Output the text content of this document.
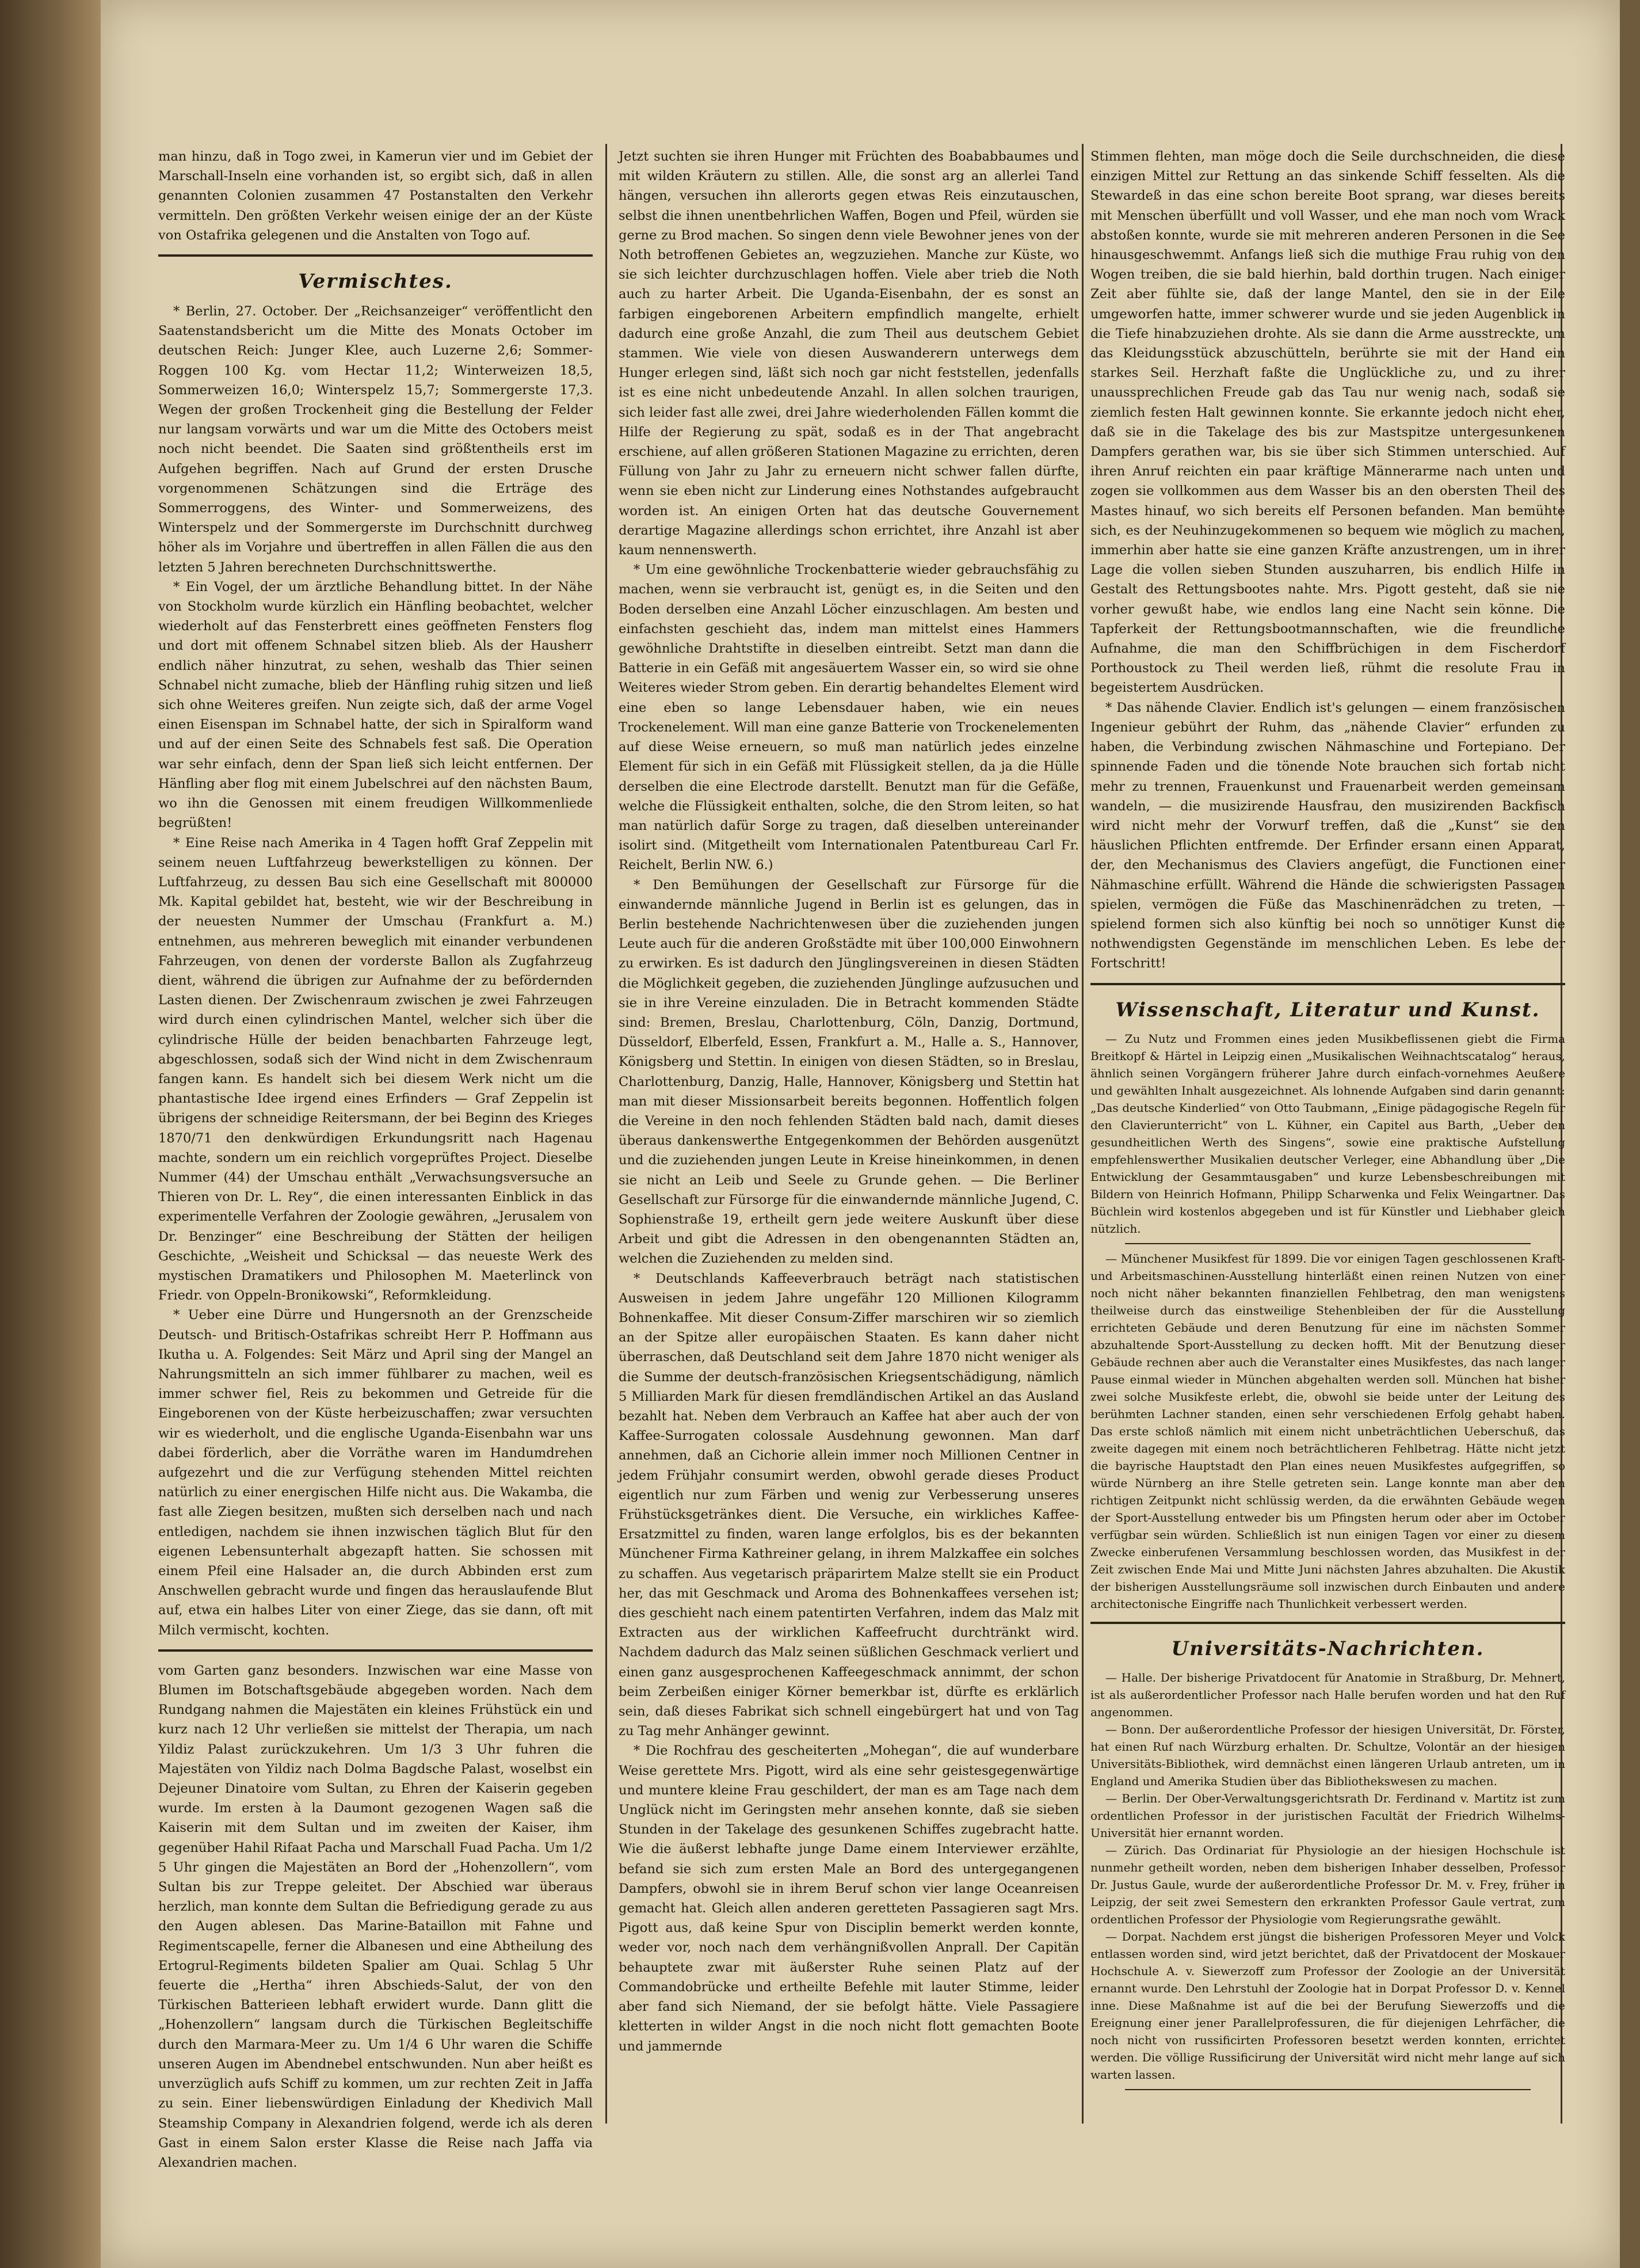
man hinzu, daß in Togo zwei, in Kamerun vier und im Gebiet der Marschall-Inseln eine vorhanden ist, so ergibt sich, daß in allen genannten Colonien zusammen 47 Postanstalten den Verkehr vermitteln. Den größten Verkehr weisen einige der an der Küste von Ostafrika gelegenen und die Anstalten von Togo auf.

Vermischtes.

* Berlin, 27. October. Der „Reichsanzeiger“ veröffentlicht den Saatenstandsbericht um die Mitte des Monats October im deutschen Reich: Junger Klee, auch Luzerne 2,6; Sommer-Roggen 100 Kg. vom Hectar 11,2; Winterweizen 18,5, Sommerweizen 16,0; Winterspelz 15,7; Sommergerste 17,3. Wegen der großen Trockenheit ging die Bestellung der Felder nur langsam vorwärts und war um die Mitte des Octobers meist noch nicht beendet. Die Saaten sind größtentheils erst im Aufgehen begriffen. Nach auf Grund der ersten Drusche vorgenommenen Schätzungen sind die Erträge des Sommerroggens, des Winter- und Sommerweizens, des Winterspelz und der Sommergerste im Durchschnitt durchweg höher als im Vorjahre und übertreffen in allen Fällen die aus den letzten 5 Jahren berechneten Durchschnittswerthe.

* Ein Vogel, der um ärztliche Behandlung bittet. In der Nähe von Stockholm wurde kürzlich ein Hänfling beobachtet, welcher wiederholt auf das Fensterbrett eines geöffneten Fensters flog und dort mit offenem Schnabel sitzen blieb. Als der Hausherr endlich näher hinzutrat, zu sehen, weshalb das Thier seinen Schnabel nicht zumache, blieb der Hänfling ruhig sitzen und ließ sich ohne Weiteres greifen. Nun zeigte sich, daß der arme Vogel einen Eisenspan im Schnabel hatte, der sich in Spiralform wand und auf der einen Seite des Schnabels fest saß. Die Operation war sehr einfach, denn der Span ließ sich leicht entfernen. Der Hänfling aber flog mit einem Jubelschrei auf den nächsten Baum, wo ihn die Genossen mit einem freudigen Willkommenliede begrüßten!

* Eine Reise nach Amerika in 4 Tagen hofft Graf Zeppelin mit seinem neuen Luftfahrzeug bewerkstelligen zu können. Der Luftfahrzeug, zu dessen Bau sich eine Gesellschaft mit 800000 Mk. Kapital gebildet hat, besteht, wie wir der Beschreibung in der neuesten Nummer der Umschau (Frankfurt a. M.) entnehmen, aus mehreren beweglich mit einander verbundenen Fahrzeugen, von denen der vorderste Ballon als Zugfahrzeug dient, während die übrigen zur Aufnahme der zu befördernden Lasten dienen. Der Zwischenraum zwischen je zwei Fahrzeugen wird durch einen cylindrischen Mantel, welcher sich über die cylindrische Hülle der beiden benachbarten Fahrzeuge legt, abgeschlossen, sodaß sich der Wind nicht in dem Zwischenraum fangen kann. Es handelt sich bei diesem Werk nicht um die phantastische Idee irgend eines Erfinders — Graf Zeppelin ist übrigens der schneidige Reitersmann, der bei Beginn des Krieges 1870/71 den denkwürdigen Erkundungsritt nach Hagenau machte, sondern um ein reichlich vorgeprüftes Project. Dieselbe Nummer (44) der Umschau enthält „Verwachsungsversuche an Thieren von Dr. L. Rey“, die einen interessanten Einblick in das experimentelle Verfahren der Zoologie gewähren, „Jerusalem von Dr. Benzinger“ eine Beschreibung der Stätten der heiligen Geschichte, „Weisheit und Schicksal — das neueste Werk des mystischen Dramatikers und Philosophen M. Maeterlinck von Friedr. von Oppeln-Bronikowski“, Reformkleidung.

* Ueber eine Dürre und Hungersnoth an der Grenzscheide Deutsch- und Britisch-Ostafrikas schreibt Herr P. Hoffmann aus Ikutha u. A. Folgendes: Seit März und April sing der Mangel an Nahrungsmitteln an sich immer fühlbarer zu machen, weil es immer schwer fiel, Reis zu bekommen und Getreide für die Eingeborenen von der Küste herbeizuschaffen; zwar versuchten wir es wiederholt, und die englische Uganda-Eisenbahn war uns dabei förderlich, aber die Vorräthe waren im Handumdrehen aufgezehrt und die zur Verfügung stehenden Mittel reichten natürlich zu einer energischen Hilfe nicht aus. Die Wakamba, die fast alle Ziegen besitzen, mußten sich derselben nach und nach entledigen, nachdem sie ihnen inzwischen täglich Blut für den eigenen Lebensunterhalt abgezapft hatten. Sie schossen mit einem Pfeil eine Halsader an, die durch Abbinden erst zum Anschwellen gebracht wurde und fingen das herauslaufende Blut auf, etwa ein halbes Liter von einer Ziege, das sie dann, oft mit Milch vermischt, kochten.

vom Garten ganz besonders. Inzwischen war eine Masse von Blumen im Botschaftsgebäude abgegeben worden. Nach dem Rundgang nahmen die Majestäten ein kleines Frühstück ein und kurz nach 12 Uhr verließen sie mittelst der Therapia, um nach Yildiz Palast zurückzukehren. Um 1/3 3 Uhr fuhren die Majestäten von Yildiz nach Dolma Bagdsche Palast, woselbst ein Dejeuner Dinatoire vom Sultan, zu Ehren der Kaiserin gegeben wurde. Im ersten à la Daumont gezogenen Wagen saß die Kaiserin mit dem Sultan und im zweiten der Kaiser, ihm gegenüber Hahil Rifaat Pacha und Marschall Fuad Pacha. Um 1/2 5 Uhr gingen die Majestäten an Bord der „Hohenzollern“, vom Sultan bis zur Treppe geleitet. Der Abschied war überaus herzlich, man konnte dem Sultan die Befriedigung gerade zu aus den Augen ablesen. Das Marine-Bataillon mit Fahne und Regimentscapelle, ferner die Albanesen und eine Abtheilung des Ertogrul-Regiments bildeten Spalier am Quai. Schlag 5 Uhr feuerte die „Hertha“ ihren Abschieds-Salut, der von den Türkischen Batterieen lebhaft erwidert wurde. Dann glitt die „Hohenzollern“ langsam durch die Türkischen Begleitschiffe durch den Marmara-Meer zu. Um 1/4 6 Uhr waren die Schiffe unseren Augen im Abendnebel entschwunden. Nun aber heißt es unverzüglich aufs Schiff zu kommen, um zur rechten Zeit in Jaffa zu sein. Einer liebenswürdigen Einladung der Khedivich Mall Steamship Company in Alexandrien folgend, werde ich als deren Gast in einem Salon erster Klasse die Reise nach Jaffa via Alexandrien machen.

Jetzt suchten sie ihren Hunger mit Früchten des Boababbaumes und mit wilden Kräutern zu stillen. Alle, die sonst arg an allerlei Tand hängen, versuchen ihn allerorts gegen etwas Reis einzutauschen, selbst die ihnen unentbehrlichen Waffen, Bogen und Pfeil, würden sie gerne zu Brod machen. So singen denn viele Bewohner jenes von der Noth betroffenen Gebietes an, wegzuziehen. Manche zur Küste, wo sie sich leichter durchzuschlagen hoffen. Viele aber trieb die Noth auch zu harter Arbeit. Die Uganda-Eisenbahn, der es sonst an farbigen eingeborenen Arbeitern empfindlich mangelte, erhielt dadurch eine große Anzahl, die zum Theil aus deutschem Gebiet stammen. Wie viele von diesen Auswanderern unterwegs dem Hunger erlegen sind, läßt sich noch gar nicht feststellen, jedenfalls ist es eine nicht unbedeutende Anzahl. In allen solchen traurigen, sich leider fast alle zwei, drei Jahre wiederholenden Fällen kommt die Hilfe der Regierung zu spät, sodaß es in der That angebracht erschiene, auf allen größeren Stationen Magazine zu errichten, deren Füllung von Jahr zu Jahr zu erneuern nicht schwer fallen dürfte, wenn sie eben nicht zur Linderung eines Nothstandes aufgebraucht worden ist. An einigen Orten hat das deutsche Gouvernement derartige Magazine allerdings schon errichtet, ihre Anzahl ist aber kaum nennenswerth.

* Um eine gewöhnliche Trockenbatterie wieder gebrauchsfähig zu machen, wenn sie verbraucht ist, genügt es, in die Seiten und den Boden derselben eine Anzahl Löcher einzuschlagen. Am besten und einfachsten geschieht das, indem man mittelst eines Hammers gewöhnliche Drahtstifte in dieselben eintreibt. Setzt man dann die Batterie in ein Gefäß mit angesäuertem Wasser ein, so wird sie ohne Weiteres wieder Strom geben. Ein derartig behandeltes Element wird eine eben so lange Lebensdauer haben, wie ein neues Trockenelement. Will man eine ganze Batterie von Trockenelementen auf diese Weise erneuern, so muß man natürlich jedes einzelne Element für sich in ein Gefäß mit Flüssigkeit stellen, da ja die Hülle derselben die eine Electrode darstellt. Benutzt man für die Gefäße, welche die Flüssigkeit enthalten, solche, die den Strom leiten, so hat man natürlich dafür Sorge zu tragen, daß dieselben untereinander isolirt sind. (Mitgetheilt vom Internationalen Patentbureau Carl Fr. Reichelt, Berlin NW. 6.)

* Den Bemühungen der Gesellschaft zur Fürsorge für die einwandernde männliche Jugend in Berlin ist es gelungen, das in Berlin bestehende Nachrichtenwesen über die zuziehenden jungen Leute auch für die anderen Großstädte mit über 100,000 Einwohnern zu erwirken. Es ist dadurch den Jünglingsvereinen in diesen Städten die Möglichkeit gegeben, die zuziehenden Jünglinge aufzusuchen und sie in ihre Vereine einzuladen. Die in Betracht kommenden Städte sind: Bremen, Breslau, Charlottenburg, Cöln, Danzig, Dortmund, Düsseldorf, Elberfeld, Essen, Frankfurt a. M., Halle a. S., Hannover, Königsberg und Stettin. In einigen von diesen Städten, so in Breslau, Charlottenburg, Danzig, Halle, Hannover, Königsberg und Stettin hat man mit dieser Missionsarbeit bereits begonnen. Hoffentlich folgen die Vereine in den noch fehlenden Städten bald nach, damit dieses überaus dankenswerthe Entgegenkommen der Behörden ausgenützt und die zuziehenden jungen Leute in Kreise hineinkommen, in denen sie nicht an Leib und Seele zu Grunde gehen. — Die Berliner Gesellschaft zur Fürsorge für die einwandernde männliche Jugend, C. Sophienstraße 19, ertheilt gern jede weitere Auskunft über diese Arbeit und gibt die Adressen in den obengenannten Städten an, welchen die Zuziehenden zu melden sind.

* Deutschlands Kaffeeverbrauch beträgt nach statistischen Ausweisen in jedem Jahre ungefähr 120 Millionen Kilogramm Bohnenkaffee. Mit dieser Consum-Ziffer marschiren wir so ziemlich an der Spitze aller europäischen Staaten. Es kann daher nicht überraschen, daß Deutschland seit dem Jahre 1870 nicht weniger als die Summe der deutsch-französischen Kriegsentschädigung, nämlich 5 Milliarden Mark für diesen fremdländischen Artikel an das Ausland bezahlt hat. Neben dem Verbrauch an Kaffee hat aber auch der von Kaffee-Surrogaten colossale Ausdehnung gewonnen. Man darf annehmen, daß an Cichorie allein immer noch Millionen Centner in jedem Frühjahr consumirt werden, obwohl gerade dieses Product eigentlich nur zum Färben und wenig zur Verbesserung unseres Frühstücksgetränkes dient. Die Versuche, ein wirkliches Kaffee-Ersatzmittel zu finden, waren lange erfolglos, bis es der bekannten Münchener Firma Kathreiner gelang, in ihrem Malzkaffee ein solches zu schaffen. Aus vegetarisch präparirtem Malze stellt sie ein Product her, das mit Geschmack und Aroma des Bohnenkaffees versehen ist; dies geschieht nach einem patentirten Verfahren, indem das Malz mit Extracten aus der wirklichen Kaffeefrucht durchtränkt wird. Nachdem dadurch das Malz seinen süßlichen Geschmack verliert und einen ganz ausgesprochenen Kaffeegeschmack annimmt, der schon beim Zerbeißen einiger Körner bemerkbar ist, dürfte es erklärlich sein, daß dieses Fabrikat sich schnell eingebürgert hat und von Tag zu Tag mehr Anhänger gewinnt.

* Die Rochfrau des gescheiterten „Mohegan“, die auf wunderbare Weise gerettete Mrs. Pigott, wird als eine sehr geistesgegenwärtige und muntere kleine Frau geschildert, der man es am Tage nach dem Unglück nicht im Geringsten mehr ansehen konnte, daß sie sieben Stunden in der Takelage des gesunkenen Schiffes zugebracht hatte. Wie die äußerst lebhafte junge Dame einem Interviewer erzählte, befand sie sich zum ersten Male an Bord des untergegangenen Dampfers, obwohl sie in ihrem Beruf schon vier lange Oceanreisen gemacht hat. Gleich allen anderen geretteten Passagieren sagt Mrs. Pigott aus, daß keine Spur von Disciplin bemerkt werden konnte, weder vor, noch nach dem verhängnißvollen Anprall. Der Capitän behauptete zwar mit äußerster Ruhe seinen Platz auf der Commandobrücke und ertheilte Befehle mit lauter Stimme, leider aber fand sich Niemand, der sie befolgt hätte. Viele Passagiere kletterten in wilder Angst in die noch nicht flott gemachten Boote und jammernde

Stimmen flehten, man möge doch die Seile durchschneiden, die diese einzigen Mittel zur Rettung an das sinkende Schiff fesselten. Als die Stewardeß in das eine schon bereite Boot sprang, war dieses bereits mit Menschen überfüllt und voll Wasser, und ehe man noch vom Wrack abstoßen konnte, wurde sie mit mehreren anderen Personen in die See hinausgeschwemmt. Anfangs ließ sich die muthige Frau ruhig von den Wogen treiben, die sie bald hierhin, bald dorthin trugen. Nach einiger Zeit aber fühlte sie, daß der lange Mantel, den sie in der Eile umgeworfen hatte, immer schwerer wurde und sie jeden Augenblick in die Tiefe hinabzuziehen drohte. Als sie dann die Arme ausstreckte, um das Kleidungsstück abzuschütteln, berührte sie mit der Hand ein starkes Seil. Herzhaft faßte die Unglückliche zu, und zu ihrer unaussprechlichen Freude gab das Tau nur wenig nach, sodaß sie ziemlich festen Halt gewinnen konnte. Sie erkannte jedoch nicht eher, daß sie in die Takelage des bis zur Mastspitze untergesunkenen Dampfers gerathen war, bis sie über sich Stimmen unterschied. Auf ihren Anruf reichten ein paar kräftige Männerarme nach unten und zogen sie vollkommen aus dem Wasser bis an den obersten Theil des Mastes hinauf, wo sich bereits elf Personen befanden. Man bemühte sich, es der Neuhinzugekommenen so bequem wie möglich zu machen, immerhin aber hatte sie eine ganzen Kräfte anzustrengen, um in ihrer Lage die vollen sieben Stunden auszuharren, bis endlich Hilfe in Gestalt des Rettungsbootes nahte. Mrs. Pigott gesteht, daß sie nie vorher gewußt habe, wie endlos lang eine Nacht sein könne. Die Tapferkeit der Rettungsbootmannschaften, wie die freundliche Aufnahme, die man den Schiffbrüchigen in dem Fischerdorf Porthoustock zu Theil werden ließ, rühmt die resolute Frau in begeistertem Ausdrücken.

* Das nähende Clavier. Endlich ist's gelungen — einem französischen Ingenieur gebührt der Ruhm, das „nähende Clavier“ erfunden zu haben, die Verbindung zwischen Nähmaschine und Fortepiano. Der spinnende Faden und die tönende Note brauchen sich fortab nicht mehr zu trennen, Frauenkunst und Frauenarbeit werden gemeinsam wandeln, — die musizirende Hausfrau, den musizirenden Backfisch wird nicht mehr der Vorwurf treffen, daß die „Kunst“ sie den häuslichen Pflichten entfremde. Der Erfinder ersann einen Apparat, der, den Mechanismus des Claviers angefügt, die Functionen einer Nähmaschine erfüllt. Während die Hände die schwierigsten Passagen spielen, vermögen die Füße das Maschinenrädchen zu treten, — spielend formen sich also künftig bei noch so unnötiger Kunst die nothwendigsten Gegenstände im menschlichen Leben. Es lebe der Fortschritt!

Wissenschaft, Literatur und Kunst.

— Zu Nutz und Frommen eines jeden Musikbeflissenen giebt die Firma Breitkopf & Härtel in Leipzig einen „Musikalischen Weihnachtscatalog“ heraus, ähnlich seinen Vorgängern früherer Jahre durch einfach-vornehmes Aeußere und gewählten Inhalt ausgezeichnet. Als lohnende Aufgaben sind darin genannt: „Das deutsche Kinderlied“ von Otto Taubmann, „Einige pädagogische Regeln für den Clavierunterricht“ von L. Kühner, ein Capitel aus Barth, „Ueber den gesundheitlichen Werth des Singens“, sowie eine praktische Aufstellung empfehlenswerther Musikalien deutscher Verleger, eine Abhandlung über „Die Entwicklung der Gesammtausgaben“ und kurze Lebensbeschreibungen mit Bildern von Heinrich Hofmann, Philipp Scharwenka und Felix Weingartner. Das Büchlein wird kostenlos abgegeben und ist für Künstler und Liebhaber gleich nützlich.

— Münchener Musikfest für 1899. Die vor einigen Tagen geschlossenen Kraft- und Arbeitsmaschinen-Ausstellung hinterläßt einen reinen Nutzen von einer noch nicht näher bekannten finanziellen Fehlbetrag, den man wenigstens theilweise durch das einstweilige Stehenbleiben der für die Ausstellung errichteten Gebäude und deren Benutzung für eine im nächsten Sommer abzuhaltende Sport-Ausstellung zu decken hofft. Mit der Benutzung dieser Gebäude rechnen aber auch die Veranstalter eines Musikfestes, das nach langer Pause einmal wieder in München abgehalten werden soll. München hat bisher zwei solche Musikfeste erlebt, die, obwohl sie beide unter der Leitung des berühmten Lachner standen, einen sehr verschiedenen Erfolg gehabt haben. Das erste schloß nämlich mit einem nicht unbeträchtlichen Ueberschuß, das zweite dagegen mit einem noch beträchtlicheren Fehlbetrag. Hätte nicht jetzt die bayrische Hauptstadt den Plan eines neuen Musikfestes aufgegriffen, so würde Nürnberg an ihre Stelle getreten sein. Lange konnte man aber den richtigen Zeitpunkt nicht schlüssig werden, da die erwähnten Gebäude wegen der Sport-Ausstellung entweder bis um Pfingsten herum oder aber im October verfügbar sein würden. Schließlich ist nun einigen Tagen vor einer zu diesem Zwecke einberufenen Versammlung beschlossen worden, das Musikfest in der Zeit zwischen Ende Mai und Mitte Juni nächsten Jahres abzuhalten. Die Akustik der bisherigen Ausstellungsräume soll inzwischen durch Einbauten und andere architectonische Eingriffe nach Thunlichkeit verbessert werden.

Universitäts-Nachrichten.

— Halle. Der bisherige Privatdocent für Anatomie in Straßburg, Dr. Mehnert, ist als außerordentlicher Professor nach Halle berufen worden und hat den Ruf angenommen.

— Bonn. Der außerordentliche Professor der hiesigen Universität, Dr. Förster, hat einen Ruf nach Würzburg erhalten. Dr. Schultze, Volontär an der hiesigen Universitäts-Bibliothek, wird demnächst einen längeren Urlaub antreten, um in England und Amerika Studien über das Bibliothekswesen zu machen.

— Berlin. Der Ober-Verwaltungsgerichtsrath Dr. Ferdinand v. Martitz ist zum ordentlichen Professor in der juristischen Facultät der Friedrich Wilhelms-Universität hier ernannt worden.

— Zürich. Das Ordinariat für Physiologie an der hiesigen Hochschule ist nunmehr getheilt worden, neben dem bisherigen Inhaber desselben, Professor Dr. Justus Gaule, wurde der außerordentliche Professor Dr. M. v. Frey, früher in Leipzig, der seit zwei Semestern den erkrankten Professor Gaule vertrat, zum ordentlichen Professor der Physiologie vom Regierungsrathe gewählt.

— Dorpat. Nachdem erst jüngst die bisherigen Professoren Meyer und Volck entlassen worden sind, wird jetzt berichtet, daß der Privatdocent der Moskauer Hochschule A. v. Siewerzoff zum Professor der Zoologie an der Universität ernannt wurde. Den Lehrstuhl der Zoologie hat in Dorpat Professor D. v. Kennel inne. Diese Maßnahme ist auf die bei der Berufung Siewerzoffs und die Ereignung einer jener Parallelprofessuren, die für diejenigen Lehrfächer, die noch nicht von russificirten Professoren besetzt werden konnten, errichtet werden. Die völlige Russificirung der Universität wird nicht mehr lange auf sich warten lassen.
